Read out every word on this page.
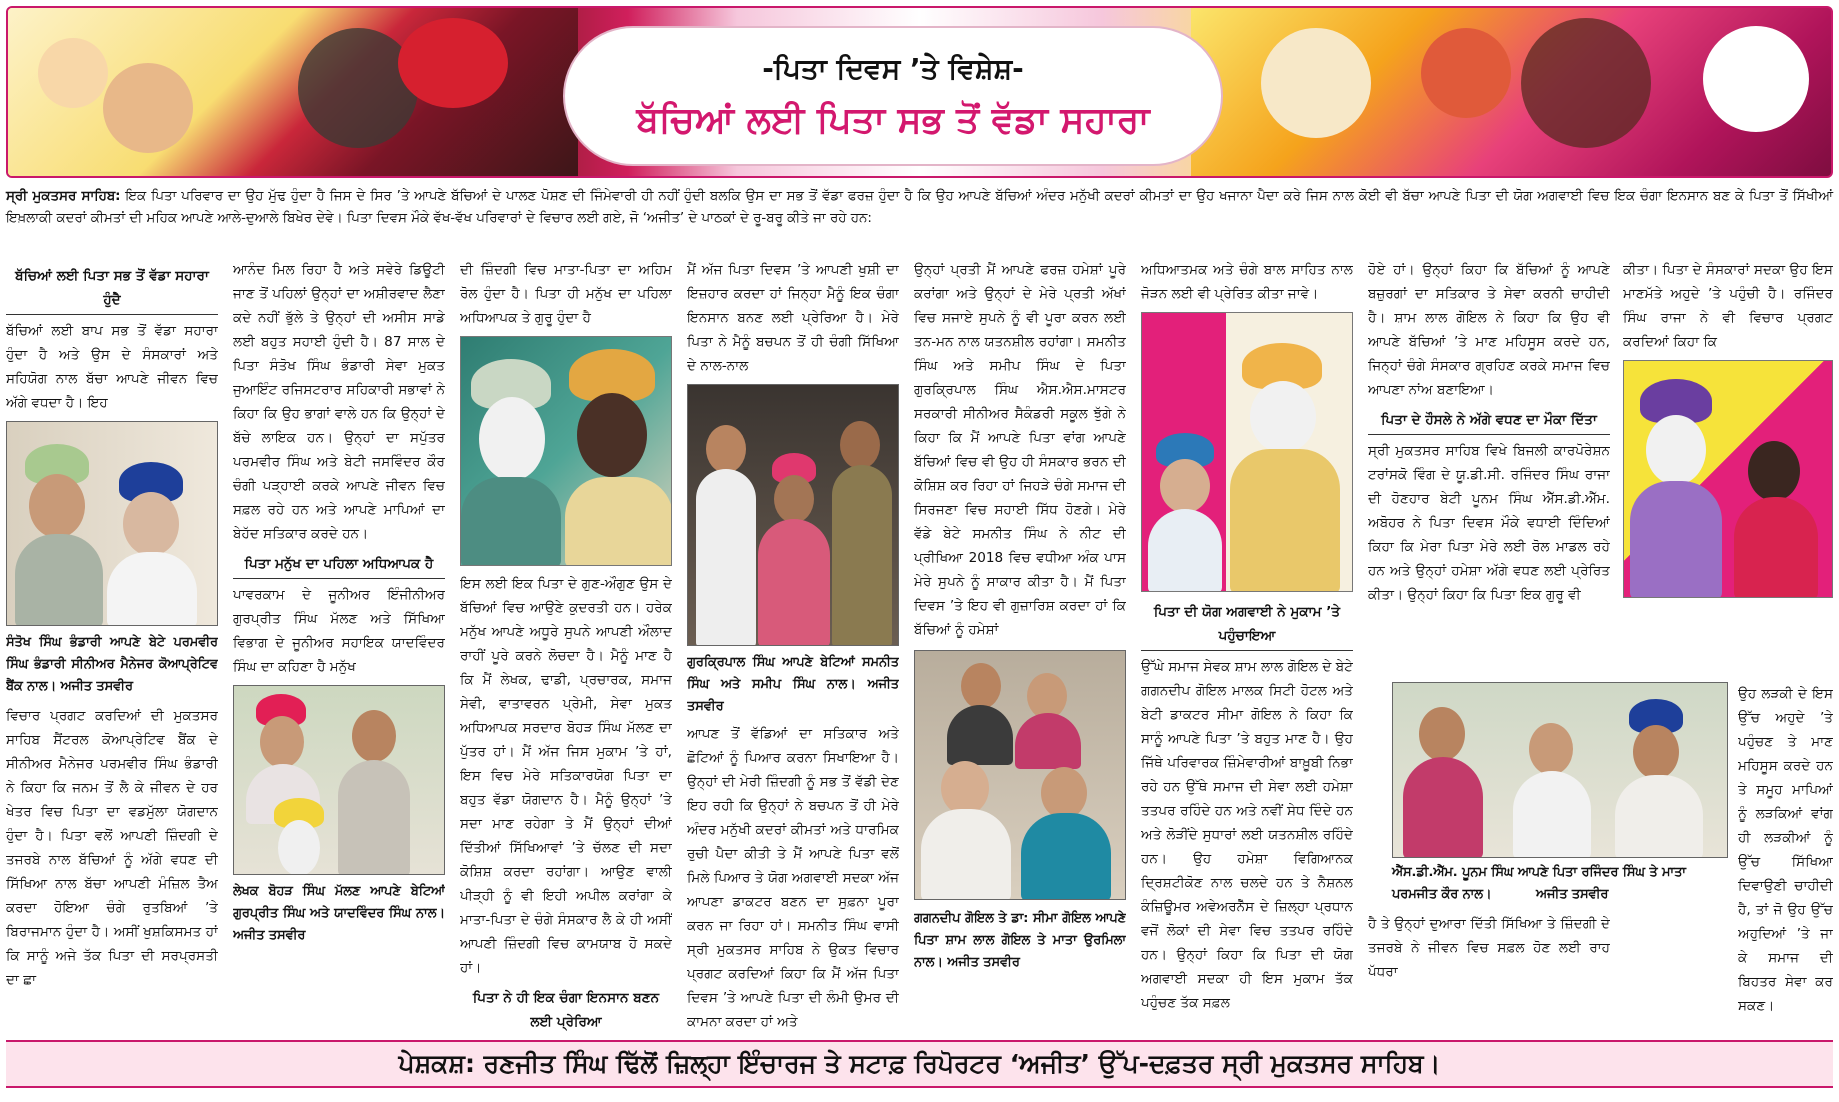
-ਪਿਤਾ ਦਿਵਸ ’ਤੇ ਵਿਸ਼ੇਸ਼-
ਬੱਚਿਆਂ ਲਈ ਪਿਤਾ ਸਭ ਤੋਂ ਵੱਡਾ ਸਹਾਰਾ
ਸ੍ਰੀ ਮੁਕਤਸਰ ਸਾਹਿਬ: ਇਕ ਪਿਤਾ ਪਰਿਵਾਰ ਦਾ ਉਹ ਮੁੱਢ ਹੁੰਦਾ ਹੈ ਜਿਸ ਦੇ ਸਿਰ ’ਤੇ ਆਪਣੇ ਬੱਚਿਆਂ ਦੇ ਪਾਲਣ ਪੋਸ਼ਣ ਦੀ ਜਿੰਮੇਵਾਰੀ ਹੀ ਨਹੀਂ ਹੁੰਦੀ ਬਲਕਿ ਉਸ ਦਾ ਸਭ ਤੋਂ ਵੱਡਾ ਫਰਜ਼ ਹੁੰਦਾ ਹੈ ਕਿ ਉਹ ਆਪਣੇ ਬੱਚਿਆਂ ਅੰਦਰ ਮਨੁੱਖੀ ਕਦਰਾਂ ਕੀਮਤਾਂ ਦਾ ਉਹ ਖਜਾਨਾ ਪੈਦਾ ਕਰੇ ਜਿਸ ਨਾਲ ਕੋਈ ਵੀ ਬੱਚਾ ਆਪਣੇ ਪਿਤਾ ਦੀ ਯੋਗ ਅਗਵਾਈ ਵਿਚ ਇਕ ਚੰਗਾ ਇਨਸਾਨ ਬਣ ਕੇ ਪਿਤਾ ਤੋਂ ਸਿੱਖੀਆਂ ਇਖ਼ਲਾਕੀ ਕਦਰਾਂ ਕੀਮਤਾਂ ਦੀ ਮਹਿਕ ਆਪਣੇ ਆਲੇ-ਦੁਆਲੇ ਬਿਖੇਰ ਦੇਵੇ। ਪਿਤਾ ਦਿਵਸ ਮੌਕੇ ਵੱਖ-ਵੱਖ ਪਰਿਵਾਰਾਂ ਦੇ ਵਿਚਾਰ ਲਈ ਗਏ, ਜੋ ‘ਅਜੀਤ’ ਦੇ ਪਾਠਕਾਂ ਦੇ ਰੂ-ਬਰੂ ਕੀਤੇ ਜਾ ਰਹੇ ਹਨ:
ਬੱਚਿਆਂ ਲਈ ਪਿਤਾ ਸਭ ਤੋਂ ਵੱਡਾ ਸਹਾਰਾ ਹੁੰਦੈ
ਬੱਚਿਆਂ ਲਈ ਬਾਪ ਸਭ ਤੋਂ ਵੱਡਾ ਸਹਾਰਾ ਹੁੰਦਾ ਹੈ ਅਤੇ ਉਸ ਦੇ ਸੰਸਕਾਰਾਂ ਅਤੇ ਸਹਿਯੋਗ ਨਾਲ ਬੱਚਾ ਆਪਣੇ ਜੀਵਨ ਵਿਚ ਅੱਗੇ ਵਧਦਾ ਹੈ। ਇਹ
ਸੰਤੋਖ ਸਿੰਘ ਭੰਡਾਰੀ ਆਪਣੇ ਬੇਟੇ ਪਰਮਵੀਰ ਸਿੰਘ ਭੰਡਾਰੀ ਸੀਨੀਅਰ ਮੈਨੇਜਰ ਕੋਆਪ੍ਰੇਟਿਵ ਬੈਂਕ ਨਾਲ। ਅਜੀਤ ਤਸਵੀਰ
ਵਿਚਾਰ ਪ੍ਰਗਟ ਕਰਦਿਆਂ ਦੀ ਮੁਕਤਸਰ ਸਾਹਿਬ ਸੈਂਟਰਲ ਕੋਆਪ੍ਰੇਟਿਵ ਬੈਂਕ ਦੇ ਸੀਨੀਅਰ ਮੈਨੇਜਰ ਪਰਮਵੀਰ ਸਿੰਘ ਭੰਡਾਰੀ ਨੇ ਕਿਹਾ ਕਿ ਜਨਮ ਤੋਂ ਲੈ ਕੇ ਜੀਵਨ ਦੇ ਹਰ ਖੇਤਰ ਵਿਚ ਪਿਤਾ ਦਾ ਵਡਮੁੱਲਾ ਯੋਗਦਾਨ ਹੁੰਦਾ ਹੈ। ਪਿਤਾ ਵਲੋਂ ਆਪਣੀ ਜ਼ਿੰਦਗੀ ਦੇ ਤਜਰਬੇ ਨਾਲ ਬੱਚਿਆਂ ਨੂੰ ਅੱਗੇ ਵਧਣ ਦੀ ਸਿੱਖਿਆ ਨਾਲ ਬੱਚਾ ਆਪਣੀ ਮੰਜ਼ਿਲ ਤੈਅ ਕਰਦਾ ਹੋਇਆ ਚੰਗੇ ਰੁਤਬਿਆਂ ’ਤੇ ਬਿਰਾਜਮਾਨ ਹੁੰਦਾ ਹੈ। ਅਸੀਂ ਖੁਸ਼ਕਿਸਮਤ ਹਾਂ ਕਿ ਸਾਨੂੰ ਅਜੇ ਤੱਕ ਪਿਤਾ ਦੀ ਸਰਪ੍ਰਸਤੀ ਦਾ ਛਾ
ਆਨੰਦ ਮਿਲ ਰਿਹਾ ਹੈ ਅਤੇ ਸਵੇਰੇ ਡਿਊਟੀ ਜਾਣ ਤੋਂ ਪਹਿਲਾਂ ਉਨ੍ਹਾਂ ਦਾ ਅਸ਼ੀਰਵਾਦ ਲੈਣਾ ਕਦੇ ਨਹੀਂ ਭੁੱਲੇ ਤੇ ਉਨ੍ਹਾਂ ਦੀ ਅਸੀਸ ਸਾਡੇ ਲਈ ਬਹੁਤ ਸਹਾਈ ਹੁੰਦੀ ਹੈ। 87 ਸਾਲ ਦੇ ਪਿਤਾ ਸੰਤੋਖ ਸਿੰਘ ਭੰਡਾਰੀ ਸੇਵਾ ਮੁਕਤ ਜੁਆਇੰਟ ਰਜਿਸਟਰਾਰ ਸਹਿਕਾਰੀ ਸਭਾਵਾਂ ਨੇ ਕਿਹਾ ਕਿ ਉਹ ਭਾਗਾਂ ਵਾਲੇ ਹਨ ਕਿ ਉਨ੍ਹਾਂ ਦੇ ਬੱਚੇ ਲਾਇਕ ਹਨ। ਉਨ੍ਹਾਂ ਦਾ ਸਪੁੱਤਰ ਪਰਮਵੀਰ ਸਿੰਘ ਅਤੇ ਬੇਟੀ ਜਸਵਿੰਦਰ ਕੌਰ ਚੰਗੀ ਪੜ੍ਹਾਈ ਕਰਕੇ ਆਪਣੇ ਜੀਵਨ ਵਿਚ ਸਫ਼ਲ ਰਹੇ ਹਨ ਅਤੇ ਆਪਣੇ ਮਾਪਿਆਂ ਦਾ ਬੇਹੱਦ ਸਤਿਕਾਰ ਕਰਦੇ ਹਨ।
ਪਿਤਾ ਮਨੁੱਖ ਦਾ ਪਹਿਲਾ ਅਧਿਆਪਕ ਹੈ
ਪਾਵਰਕਾਮ ਦੇ ਜੂਨੀਅਰ ਇੰਜੀਨੀਅਰ ਗੁਰਪ੍ਰੀਤ ਸਿੰਘ ਮੱਲਣ ਅਤੇ ਸਿੱਖਿਆ ਵਿਭਾਗ ਦੇ ਜੂਨੀਅਰ ਸਹਾਇਕ ਯਾਦਵਿੰਦਰ ਸਿੰਘ ਦਾ ਕਹਿਣਾ ਹੈ ਮਨੁੱਖ
ਲੇਖਕ ਬੋਹੜ ਸਿੰਘ ਮੱਲਣ ਆਪਣੇ ਬੇਟਿਆਂ ਗੁਰਪ੍ਰੀਤ ਸਿੰਘ ਅਤੇ ਯਾਦਵਿੰਦਰ ਸਿੰਘ ਨਾਲ। ਅਜੀਤ ਤਸਵੀਰ
ਦੀ ਜ਼ਿੰਦਗੀ ਵਿਚ ਮਾਤਾ-ਪਿਤਾ ਦਾ ਅਹਿਮ ਰੋਲ ਹੁੰਦਾ ਹੈ। ਪਿਤਾ ਹੀ ਮਨੁੱਖ ਦਾ ਪਹਿਲਾ ਅਧਿਆਪਕ ਤੇ ਗੁਰੂ ਹੁੰਦਾ ਹੈ
ਇਸ ਲਈ ਇਕ ਪਿਤਾ ਦੇ ਗੁਣ-ਔਗੁਣ ਉਸ ਦੇ ਬੱਚਿਆਂ ਵਿਚ ਆਉਣੇ ਕੁਦਰਤੀ ਹਨ। ਹਰੇਕ ਮਨੁੱਖ ਆਪਣੇ ਅਧੂਰੇ ਸੁਪਨੇ ਆਪਣੀ ਔਲਾਦ ਰਾਹੀਂ ਪੂਰੇ ਕਰਨੇ ਲੋਚਦਾ ਹੈ। ਮੈਨੂੰ ਮਾਣ ਹੈ ਕਿ ਮੈਂ ਲੇਖਕ, ਢਾਡੀ, ਪ੍ਰਚਾਰਕ, ਸਮਾਜ ਸੇਵੀ, ਵਾਤਾਵਰਨ ਪ੍ਰੇਮੀ, ਸੇਵਾ ਮੁਕਤ ਅਧਿਆਪਕ ਸਰਦਾਰ ਬੋਹੜ ਸਿੰਘ ਮੱਲਣ ਦਾ ਪੁੱਤਰ ਹਾਂ। ਮੈਂ ਅੱਜ ਜਿਸ ਮੁਕਾਮ ’ਤੇ ਹਾਂ, ਇਸ ਵਿਚ ਮੇਰੇ ਸਤਿਕਾਰਯੋਗ ਪਿਤਾ ਦਾ ਬਹੁਤ ਵੱਡਾ ਯੋਗਦਾਨ ਹੈ। ਮੈਨੂੰ ਉਨ੍ਹਾਂ ’ਤੇ ਸਦਾ ਮਾਣ ਰਹੇਗਾ ਤੇ ਮੈਂ ਉਨ੍ਹਾਂ ਦੀਆਂ ਦਿੱਤੀਆਂ ਸਿੱਖਿਆਵਾਂ ’ਤੇ ਚੱਲਣ ਦੀ ਸਦਾ ਕੋਸ਼ਿਸ਼ ਕਰਦਾ ਰਹਾਂਗਾ। ਆਉਣ ਵਾਲੀ ਪੀੜ੍ਹੀ ਨੂੰ ਵੀ ਇਹੀ ਅਪੀਲ ਕਰਾਂਗਾ ਕੇ ਮਾਤਾ-ਪਿਤਾ ਦੇ ਚੰਗੇ ਸੰਸਕਾਰ ਲੈ ਕੇ ਹੀ ਅਸੀਂ ਆਪਣੀ ਜ਼ਿੰਦਗੀ ਵਿਚ ਕਾਮਯਾਬ ਹੋ ਸਕਦੇ ਹਾਂ।
ਪਿਤਾ ਨੇ ਹੀ ਇਕ ਚੰਗਾ ਇਨਸਾਨ ਬਣਨ ਲਈ ਪ੍ਰੇਰਿਆ
ਮੈਂ ਅੱਜ ਪਿਤਾ ਦਿਵਸ ’ਤੇ ਆਪਣੀ ਖੁਸ਼ੀ ਦਾ ਇਜ਼ਹਾਰ ਕਰਦਾ ਹਾਂ ਜਿਨ੍ਹਾ ਮੈਨੂੰ ਇਕ ਚੰਗਾ ਇਨਸਾਨ ਬਨਣ ਲਈ ਪ੍ਰੇਰਿਆ ਹੈ। ਮੇਰੇ ਪਿਤਾ ਨੇ ਮੈਨੂੰ ਬਚਪਨ ਤੋਂ ਹੀ ਚੰਗੀ ਸਿੱਖਿਆ ਦੇ ਨਾਲ-ਨਾਲ
ਗੁਰਕ੍ਰਿਪਾਲ ਸਿੰਘ ਆਪਣੇ ਬੇਟਿਆਂ ਸਮਨੀਤ ਸਿੰਘ ਅਤੇ ਸਮੀਪ ਸਿੰਘ ਨਾਲ। ਅਜੀਤ ਤਸਵੀਰ
ਆਪਣ ਤੋਂ ਵੱਡਿਆਂ ਦਾ ਸਤਿਕਾਰ ਅਤੇ ਛੋਟਿਆਂ ਨੂੰ ਪਿਆਰ ਕਰਨਾ ਸਿਖਾਇਆ ਹੈ। ਉਨ੍ਹਾਂ ਦੀ ਮੇਰੀ ਜ਼ਿੰਦਗੀ ਨੂੰ ਸਭ ਤੋਂ ਵੱਡੀ ਦੇਣ ਇਹ ਰਹੀ ਕਿ ਉਨ੍ਹਾਂ ਨੇ ਬਚਪਨ ਤੋਂ ਹੀ ਮੇਰੇ ਅੰਦਰ ਮਨੁੱਖੀ ਕਦਰਾਂ ਕੀਮਤਾਂ ਅਤੇ ਧਾਰਮਿਕ ਰੁਚੀ ਪੈਦਾ ਕੀਤੀ ਤੇ ਮੈਂ ਆਪਣੇ ਪਿਤਾ ਵਲੋਂ ਮਿਲੇ ਪਿਆਰ ਤੇ ਯੋਗ ਅਗਵਾਈ ਸਦਕਾ ਅੱਜ ਆਪਣਾ ਡਾਕਟਰ ਬਣਨ ਦਾ ਸੁਫ਼ਨਾ ਪੂਰਾ ਕਰਨ ਜਾ ਰਿਹਾ ਹਾਂ। ਸਮਨੀਤ ਸਿੰਘ ਵਾਸੀ ਸ੍ਰੀ ਮੁਕਤਸਰ ਸਾਹਿਬ ਨੇ ਉਕਤ ਵਿਚਾਰ ਪ੍ਰਗਟ ਕਰਦਿਆਂ ਕਿਹਾ ਕਿ ਮੈਂ ਅੱਜ ਪਿਤਾ ਦਿਵਸ ’ਤੇ ਆਪਣੇ ਪਿਤਾ ਦੀ ਲੰਮੀ ਉਮਰ ਦੀ ਕਾਮਨਾ ਕਰਦਾ ਹਾਂ ਅਤੇ
ਉਨ੍ਹਾਂ ਪ੍ਰਤੀ ਮੈਂ ਆਪਣੇ ਫਰਜ਼ ਹਮੇਸ਼ਾਂ ਪੂਰੇ ਕਰਾਂਗਾ ਅਤੇ ਉਨ੍ਹਾਂ ਦੇ ਮੇਰੇ ਪ੍ਰਤੀ ਅੱਖਾਂ ਵਿਚ ਸਜਾਏ ਸੁਪਨੇ ਨੂੰ ਵੀ ਪੂਰਾ ਕਰਨ ਲਈ ਤਨ-ਮਨ ਨਾਲ ਯਤਨਸ਼ੀਲ ਰਹਾਂਗਾ। ਸਮਨੀਤ ਸਿੰਘ ਅਤੇ ਸਮੀਪ ਸਿੰਘ ਦੇ ਪਿਤਾ ਗੁਰਕ੍ਰਿਪਾਲ ਸਿੰਘ ਐਸ.ਐਸ.ਮਾਸਟਰ ਸਰਕਾਰੀ ਸੀਨੀਅਰ ਸੈਕੰਡਰੀ ਸਕੂਲ ਝੁੱਗੇ ਨੇ ਕਿਹਾ ਕਿ ਮੈਂ ਆਪਣੇ ਪਿਤਾ ਵਾਂਗ ਆਪਣੇ ਬੱਚਿਆਂ ਵਿਚ ਵੀ ਉਹ ਹੀ ਸੰਸਕਾਰ ਭਰਨ ਦੀ ਕੋਸ਼ਿਸ਼ ਕਰ ਰਿਹਾ ਹਾਂ ਜਿਹੜੇ ਚੰਗੇ ਸਮਾਜ ਦੀ ਸਿਰਜਣਾ ਵਿਚ ਸਹਾਈ ਸਿੱਧ ਹੋਣਗੇ। ਮੇਰੇ ਵੱਡੇ ਬੇਟੇ ਸਮਨੀਤ ਸਿੰਘ ਨੇ ਨੀਟ ਦੀ ਪ੍ਰੀਖਿਆ 2018 ਵਿਚ ਵਧੀਆ ਅੰਕ ਪਾਸ ਮੇਰੇ ਸੁਪਨੇ ਨੂੰ ਸਾਕਾਰ ਕੀਤਾ ਹੈ। ਮੈਂ ਪਿਤਾ ਦਿਵਸ ’ਤੇ ਇਹ ਵੀ ਗੁਜ਼ਾਰਿਸ਼ ਕਰਦਾ ਹਾਂ ਕਿ ਬੱਚਿਆਂ ਨੂੰ ਹਮੇਸ਼ਾਂ
ਗਗਨਦੀਪ ਗੋਇਲ ਤੇ ਡਾ: ਸੀਮਾ ਗੋਇਲ ਆਪਣੇ ਪਿਤਾ ਸ਼ਾਮ ਲਾਲ ਗੋਇਲ ਤੇ ਮਾਤਾ ਉਰਮਿਲਾ ਨਾਲ। ਅਜੀਤ ਤਸਵੀਰ
ਅਧਿਆਤਮਕ ਅਤੇ ਚੰਗੇ ਬਾਲ ਸਾਹਿਤ ਨਾਲ ਜੋੜਨ ਲਈ ਵੀ ਪ੍ਰੇਰਿਤ ਕੀਤਾ ਜਾਵੇ।
ਪਿਤਾ ਦੀ ਯੋਗ ਅਗਵਾਈ ਨੇ ਮੁਕਾਮ ’ਤੇ ਪਹੁੰਚਾਇਆ
ਉੱਘੇ ਸਮਾਜ ਸੇਵਕ ਸ਼ਾਮ ਲਾਲ ਗੋਇਲ ਦੇ ਬੇਟੇ ਗਗਨਦੀਪ ਗੋਇਲ ਮਾਲਕ ਸਿਟੀ ਹੋਟਲ ਅਤੇ ਬੇਟੀ ਡਾਕਟਰ ਸੀਮਾ ਗੋਇਲ ਨੇ ਕਿਹਾ ਕਿ ਸਾਨੂੰ ਆਪਣੇ ਪਿਤਾ ’ਤੇ ਬਹੁਤ ਮਾਣ ਹੈ। ਉਹ ਜਿੱਥੇ ਪਰਿਵਾਰਕ ਜ਼ਿੰਮੇਵਾਰੀਆਂ ਬਾਖ਼ੂਬੀ ਨਿਭਾ ਰਹੇ ਹਨ ਉੱਥੇ ਸਮਾਜ ਦੀ ਸੇਵਾ ਲਈ ਹਮੇਸ਼ਾ ਤਤਪਰ ਰਹਿੰਦੇ ਹਨ ਅਤੇ ਨਵੀਂ ਸੇਧ ਦਿੰਦੇ ਹਨ ਅਤੇ ਲੋੜੀਂਦੇ ਸੁਧਾਰਾਂ ਲਈ ਯਤਨਸ਼ੀਲ ਰਹਿੰਦੇ ਹਨ। ਉਹ ਹਮੇਸ਼ਾ ਵਿਗਿਆਨਕ ਦ੍ਰਿਸ਼ਟੀਕੋਣ ਨਾਲ ਚਲਦੇ ਹਨ ਤੇ ਨੈਸ਼ਨਲ ਕੰਜ਼ਿਊਮਰ ਅਵੇਅਰਨੈੱਸ ਦੇ ਜ਼ਿਲ੍ਹਾ ਪ੍ਰਧਾਨ ਵਜੋਂ ਲੋਕਾਂ ਦੀ ਸੇਵਾ ਵਿਚ ਤਤਪਰ ਰਹਿੰਦੇ ਹਨ। ਉਨ੍ਹਾਂ ਕਿਹਾ ਕਿ ਪਿਤਾ ਦੀ ਯੋਗ ਅਗਵਾਈ ਸਦਕਾ ਹੀ ਇਸ ਮੁਕਾਮ ਤੱਕ ਪਹੁੰਚਣ ਤੱਕ ਸਫ਼ਲ
ਹੋਏ ਹਾਂ। ਉਨ੍ਹਾਂ ਕਿਹਾ ਕਿ ਬੱਚਿਆਂ ਨੂੰ ਆਪਣੇ ਬਜ਼ੁਰਗਾਂ ਦਾ ਸਤਿਕਾਰ ਤੇ ਸੇਵਾ ਕਰਨੀ ਚਾਹੀਦੀ ਹੈ। ਸ਼ਾਮ ਲਾਲ ਗੋਇਲ ਨੇ ਕਿਹਾ ਕਿ ਉਹ ਵੀ ਆਪਣੇ ਬੱਚਿਆਂ ’ਤੇ ਮਾਣ ਮਹਿਸੂਸ ਕਰਦੇ ਹਨ, ਜਿਨ੍ਹਾਂ ਚੰਗੇ ਸੰਸਕਾਰ ਗ੍ਰਹਿਣ ਕਰਕੇ ਸਮਾਜ ਵਿਚ ਆਪਣਾ ਨਾਂਅ ਬਣਾਇਆ।
ਪਿਤਾ ਦੇ ਹੌਸਲੇ ਨੇ ਅੱਗੇ ਵਧਣ ਦਾ ਮੌਕਾ ਦਿੱਤਾ
ਸ੍ਰੀ ਮੁਕਤਸਰ ਸਾਹਿਬ ਵਿਖੇ ਬਿਜਲੀ ਕਾਰਪੋਰੇਸ਼ਨ ਟਰਾਂਸਕੋ ਵਿੰਗ ਦੇ ਯੂ.ਡੀ.ਸੀ. ਰਜਿੰਦਰ ਸਿੰਘ ਰਾਜਾ ਦੀ ਹੋਣਹਾਰ ਬੇਟੀ ਪੂਨਮ ਸਿੰਘ ਐੱਸ.ਡੀ.ਐੱਮ. ਅਬੋਹਰ ਨੇ ਪਿਤਾ ਦਿਵਸ ਮੌਕੇ ਵਧਾਈ ਦਿੰਦਿਆਂ ਕਿਹਾ ਕਿ ਮੇਰਾ ਪਿਤਾ ਮੇਰੇ ਲਈ ਰੋਲ ਮਾਡਲ ਰਹੇ ਹਨ ਅਤੇ ਉਨ੍ਹਾਂ ਹਮੇਸ਼ਾ ਅੱਗੇ ਵਧਣ ਲਈ ਪ੍ਰੇਰਿਤ ਕੀਤਾ। ਉਨ੍ਹਾਂ ਕਿਹਾ ਕਿ ਪਿਤਾ ਇਕ ਗੁਰੂ ਵੀ
ਐੱਸ.ਡੀ.ਐੱਮ. ਪੂਨਮ ਸਿੰਘ ਆਪਣੇ ਪਿਤਾ ਰਜਿੰਦਰ ਸਿੰਘ ਤੇ ਮਾਤਾ ਪਰਮਜੀਤ ਕੌਰ ਨਾਲ।	ਅਜੀਤ ਤਸਵੀਰ
ਹੈ ਤੇ ਉਨ੍ਹਾਂ ਦੁਆਰਾ ਦਿੱਤੀ ਸਿੱਖਿਆ ਤੇ ਜ਼ਿੰਦਗੀ ਦੇ ਤਜਰਬੇ ਨੇ ਜੀਵਨ ਵਿਚ ਸਫ਼ਲ ਹੋਣ ਲਈ ਰਾਹ ਪੱਧਰਾ
ਕੀਤਾ। ਪਿਤਾ ਦੇ ਸੰਸਕਾਰਾਂ ਸਦਕਾ ਉਹ ਇਸ ਮਾਣਮੱਤੇ ਅਹੁਦੇ ’ਤੇ ਪਹੁੰਚੀ ਹੈ। ਰਜਿੰਦਰ ਸਿੰਘ ਰਾਜਾ ਨੇ ਵੀ ਵਿਚਾਰ ਪ੍ਰਗਟ ਕਰਦਿਆਂ ਕਿਹਾ ਕਿ
ਉਹ ਲੜਕੀ ਦੇ ਇਸ ਉੱਚ ਅਹੁਦੇ ’ਤੇ ਪਹੁੰਚਣ ਤੇ ਮਾਣ ਮਹਿਸੂਸ ਕਰਦੇ ਹਨ ਤੇ ਸਮੂਹ ਮਾਪਿਆਂ ਨੂੰ ਲੜਕਿਆਂ ਵਾਂਗ ਹੀ ਲੜਕੀਆਂ ਨੂੰ ਉੱਚ ਸਿੱਖਿਆ ਦਿਵਾਉਣੀ ਚਾਹੀਦੀ ਹੈ, ਤਾਂ ਜੋ ਉਹ ਉੱਚ ਅਹੁਦਿਆਂ ’ਤੇ ਜਾ ਕੇ ਸਮਾਜ ਦੀ ਬਿਹਤਰ ਸੇਵਾ ਕਰ ਸਕਣ।
ਪੇਸ਼ਕਸ਼: ਰਣਜੀਤ ਸਿੰਘ ਢਿੱਲੋਂ ਜ਼ਿਲ੍ਹਾ ਇੰਚਾਰਜ ਤੇ ਸਟਾਫ਼ ਰਿਪੋਰਟਰ ‘ਅਜੀਤ’ ਉੱਪ-ਦਫ਼ਤਰ ਸ੍ਰੀ ਮੁਕਤਸਰ ਸਾਹਿਬ।
